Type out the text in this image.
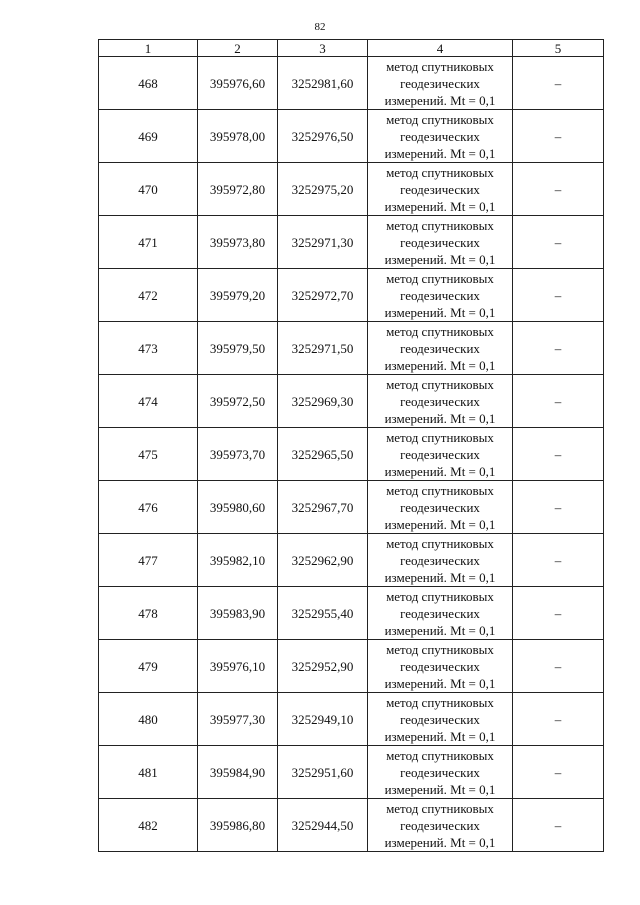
82
1	2	3	4	5
468	395976,60	3252981,60	метод спутниковых
геодезических
измерений. Mt = 0,1	–
469	395978,00	3252976,50	метод спутниковых
геодезических
измерений. Mt = 0,1	–
470	395972,80	3252975,20	метод спутниковых
геодезических
измерений. Mt = 0,1	–
471	395973,80	3252971,30	метод спутниковых
геодезических
измерений. Mt = 0,1	–
472	395979,20	3252972,70	метод спутниковых
геодезических
измерений. Mt = 0,1	–
473	395979,50	3252971,50	метод спутниковых
геодезических
измерений. Mt = 0,1	–
474	395972,50	3252969,30	метод спутниковых
геодезических
измерений. Mt = 0,1	–
475	395973,70	3252965,50	метод спутниковых
геодезических
измерений. Mt = 0,1	–
476	395980,60	3252967,70	метод спутниковых
геодезических
измерений. Mt = 0,1	–
477	395982,10	3252962,90	метод спутниковых
геодезических
измерений. Mt = 0,1	–
478	395983,90	3252955,40	метод спутниковых
геодезических
измерений. Mt = 0,1	–
479	395976,10	3252952,90	метод спутниковых
геодезических
измерений. Mt = 0,1	–
480	395977,30	3252949,10	метод спутниковых
геодезических
измерений. Mt = 0,1	–
481	395984,90	3252951,60	метод спутниковых
геодезических
измерений. Mt = 0,1	–
482	395986,80	3252944,50	метод спутниковых
геодезических
измерений. Mt = 0,1	–
